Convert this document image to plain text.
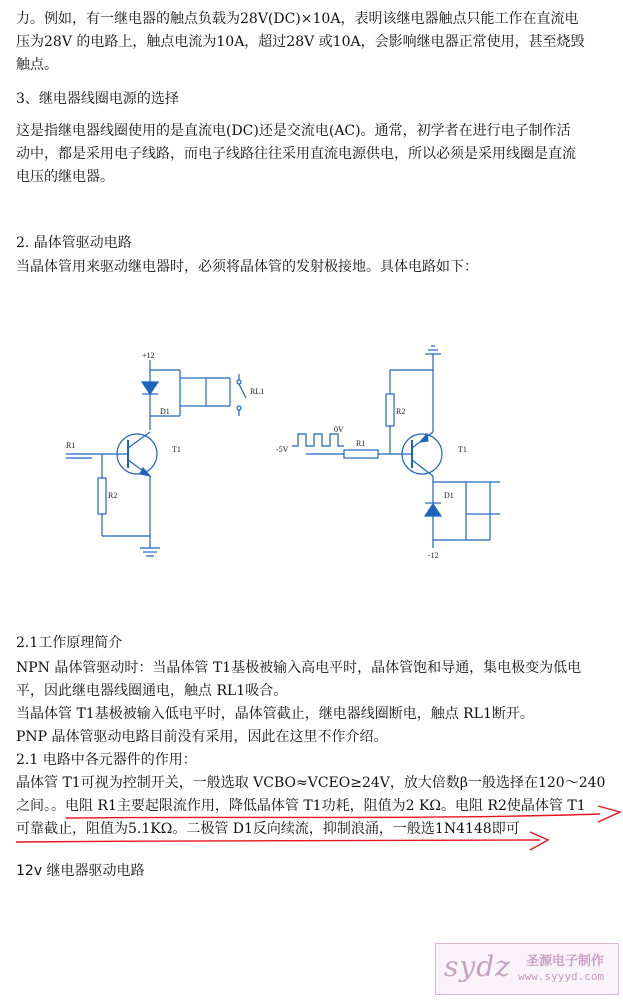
力。例如，有一继电器的触点负载为28V(DC)×10A，表明该继电器触点只能工作在直流电
压为28V 的电路上，触点电流为10A，超过28V 或10A，会影响继电器正常使用，甚至烧毁
触点。
3、继电器线圈电源的选择
这是指继电器线圈使用的是直流电(DC)还是交流电(AC)。通常，初学者在进行电子制作活
动中，都是采用电子线路，而电子线路往往采用直流电源供电，所以必须是采用线圈是直流
电压的继电器。
2. 晶体管驱动电路
当晶体管用来驱动继电器时，必须将晶体管的发射极接地。具体电路如下：
+12
D1
RL1
R1
R2
T1
0V
-5V
R1
R2
T1
D1
-12
2.1工作原理简介
NPN 晶体管驱动时：当晶体管 T1基极被输入高电平时，晶体管饱和导通，集电极变为低电
平，因此继电器线圈通电，触点 RL1吸合。
当晶体管 T1基极被输入低电平时，晶体管截止，继电器线圈断电，触点 RL1断开。
PNP 晶体管驱动电路目前没有采用，因此在这里不作介绍。
2.1 电路中各元器件的作用：
晶体管 T1可视为控制开关，一般选取 VCBO≈VCEO≥24V，放大倍数β一般选择在120～240
之间。。电阻 R1主要起限流作用，降低晶体管 T1功耗，阻值为2 KΩ。电阻 R2使晶体管 T1
可靠截止，阻值为5.1KΩ。二极管 D1反向续流，抑制浪涌，一般选1N4148即可
12v 继电器驱动电路
sydz 圣源电子制作
www.syyyd.com
